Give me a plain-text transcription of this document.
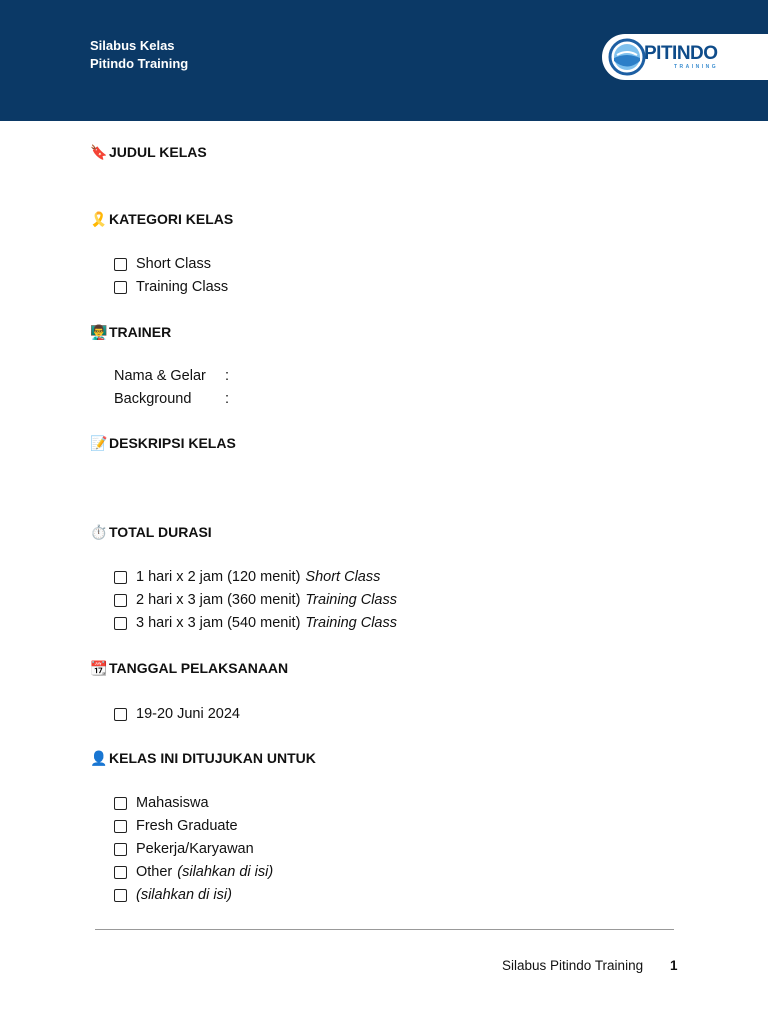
Silabus Kelas
Pitindo Training	PITINDO
TRAINING
🔖 JUDUL KELAS
🎗️ KATEGORI KELAS
Short Class
Training Class
👨‍🏫 TRAINER
Nama & Gelar :
Background :
📝 DESKRIPSI KELAS
⏱️ TOTAL DURASI
1 hari x 2 jam (120 menit) Short Class
2 hari x 3 jam (360 menit) Training Class
3 hari x 3 jam (540 menit) Training Class
📆 TANGGAL PELAKSANAAN
19-20 Juni 2024
👤 KELAS INI DITUJUKAN UNTUK
Mahasiswa
Fresh Graduate
Pekerja/Karyawan
Other (silahkan di isi)
(silahkan di isi)
Silabus Pitindo Training 1
